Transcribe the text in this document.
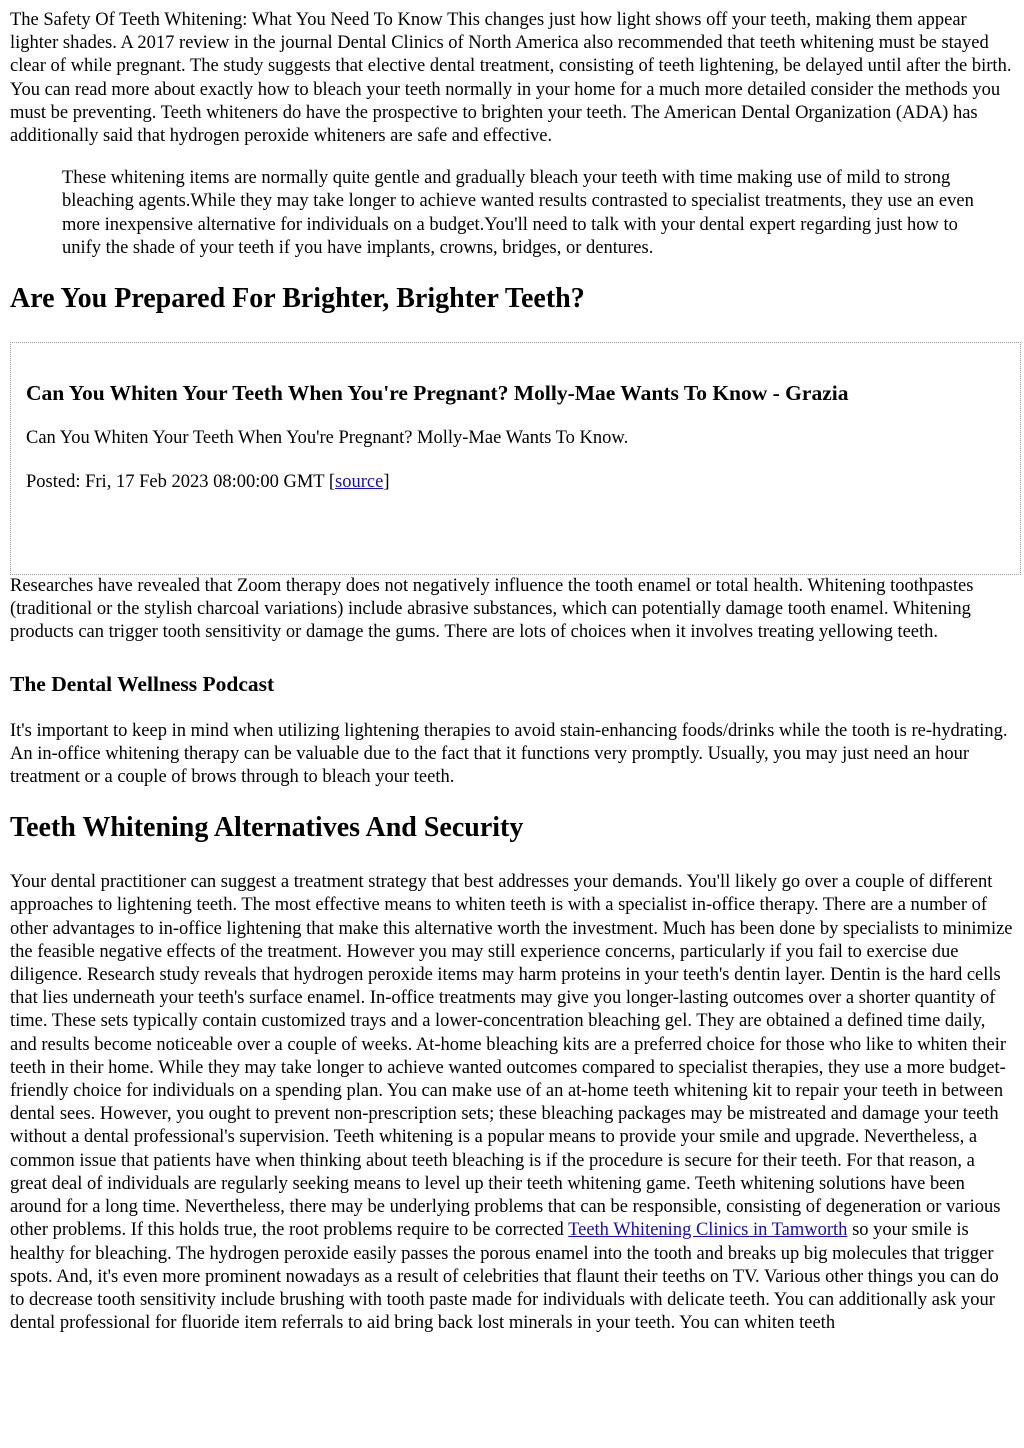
The Safety Of Teeth Whitening: What You Need To Know This changes just how light shows off your teeth, making them appear lighter shades. A 2017 review in the journal Dental Clinics of North America also recommended that teeth whitening must be stayed clear of while pregnant. The study suggests that elective dental treatment, consisting of teeth lightening, be delayed until after the birth. You can read more about exactly how to bleach your teeth normally in your home for a much more detailed consider the methods you must be preventing. Teeth whiteners do have the prospective to brighten your teeth. The American Dental Organization (ADA) has additionally said that hydrogen peroxide whiteners are safe and effective.

These whitening items are normally quite gentle and gradually bleach your teeth with time making use of mild to strong bleaching agents.While they may take longer to achieve wanted results contrasted to specialist treatments, they use an even more inexpensive alternative for individuals on a budget.You'll need to talk with your dental expert regarding just how to unify the shade of your teeth if you have implants, crowns, bridges, or dentures.
Are You Prepared For Brighter, Brighter Teeth?
Can You Whiten Your Teeth When You're Pregnant? Molly-Mae Wants To Know - Grazia

Can You Whiten Your Teeth When You're Pregnant? Molly-Mae Wants To Know.

Posted: Fri, 17 Feb 2023 08:00:00 GMT [source]

Researches have revealed that Zoom therapy does not negatively influence the tooth enamel or total health. Whitening toothpastes (traditional or the stylish charcoal variations) include abrasive substances, which can potentially damage tooth enamel. Whitening products can trigger tooth sensitivity or damage the gums. There are lots of choices when it involves treating yellowing teeth.

The Dental Wellness Podcast

It's important to keep in mind when utilizing lightening therapies to avoid stain-enhancing foods/drinks while the tooth is re-hydrating. An in-office whitening therapy can be valuable due to the fact that it functions very promptly. Usually, you may just need an hour treatment or a couple of brows through to bleach your teeth.

Teeth Whitening Alternatives And Security

Your dental practitioner can suggest a treatment strategy that best addresses your demands. You'll likely go over a couple of different approaches to lightening teeth. The most effective means to whiten teeth is with a specialist in-office therapy. There are a number of other advantages to in-office lightening that make this alternative worth the investment. Much has been done by specialists to minimize the feasible negative effects of the treatment. However you may still experience concerns, particularly if you fail to exercise due diligence. Research study reveals that hydrogen peroxide items may harm proteins in your teeth's dentin layer. Dentin is the hard cells that lies underneath your teeth's surface enamel. In-office treatments may give you longer-lasting outcomes over a shorter quantity of time. These sets typically contain customized trays and a lower-concentration bleaching gel. They are obtained a defined time daily, and results become noticeable over a couple of weeks. At-home bleaching kits are a preferred choice for those who like to whiten their teeth in their home. While they may take longer to achieve wanted outcomes compared to specialist therapies, they use a more budget-friendly choice for individuals on a spending plan. You can make use of an at-home teeth whitening kit to repair your teeth in between dental sees. However, you ought to prevent non-prescription sets; these bleaching packages may be mistreated and damage your teeth without a dental professional's supervision. Teeth whitening is a popular means to provide your smile and upgrade. Nevertheless, a common issue that patients have when thinking about teeth bleaching is if the procedure is secure for their teeth. For that reason, a great deal of individuals are regularly seeking means to level up their teeth whitening game. Teeth whitening solutions have been around for a long time. Nevertheless, there may be underlying problems that can be responsible, consisting of degeneration or various other problems. If this holds true, the root problems require to be corrected Teeth Whitening Clinics in Tamworth so your smile is healthy for bleaching. The hydrogen peroxide easily passes the porous enamel into the tooth and breaks up big molecules that trigger spots. And, it's even more prominent nowadays as a result of celebrities that flaunt their teeths on TV. Various other things you can do to decrease tooth sensitivity include brushing with tooth paste made for individuals with delicate teeth. You can additionally ask your dental professional for fluoride item referrals to aid bring back lost minerals in your teeth. You can whiten teeth
